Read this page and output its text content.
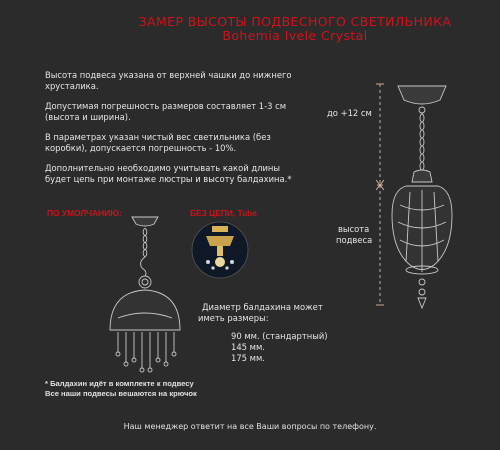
ЗАМЕР ВЫСОТЫ ПОДВЕСНОГО СВЕТИЛЬНИКА
Bohemia Ivele Crystal
Высота подвеса указана от верхней чашки до нижнего хрусталика.
Допустимая погрешность размеров составляет 1-3 см (высота и ширина).
В параметрах указан чистый вес светильника (без коробки), допускается погрешность - 10%.
Дополнительно необходимо учитывать какой длины будет цепь при монтаже люстры и высоту балдахина.*
до +12 см
высота
подвеса
ПО УМОЛЧАНИЮ:	БЕЗ ЦЕПИ, Tube
Диаметр балдахина может
иметь размеры:
90 мм. (стандартный)
145 мм.
175 мм.
* Балдахин идёт в комплекте к подвесу
Все наши подвесы вешаются на крючок
Наш менеджер ответит на все Ваши вопросы по телефону.
